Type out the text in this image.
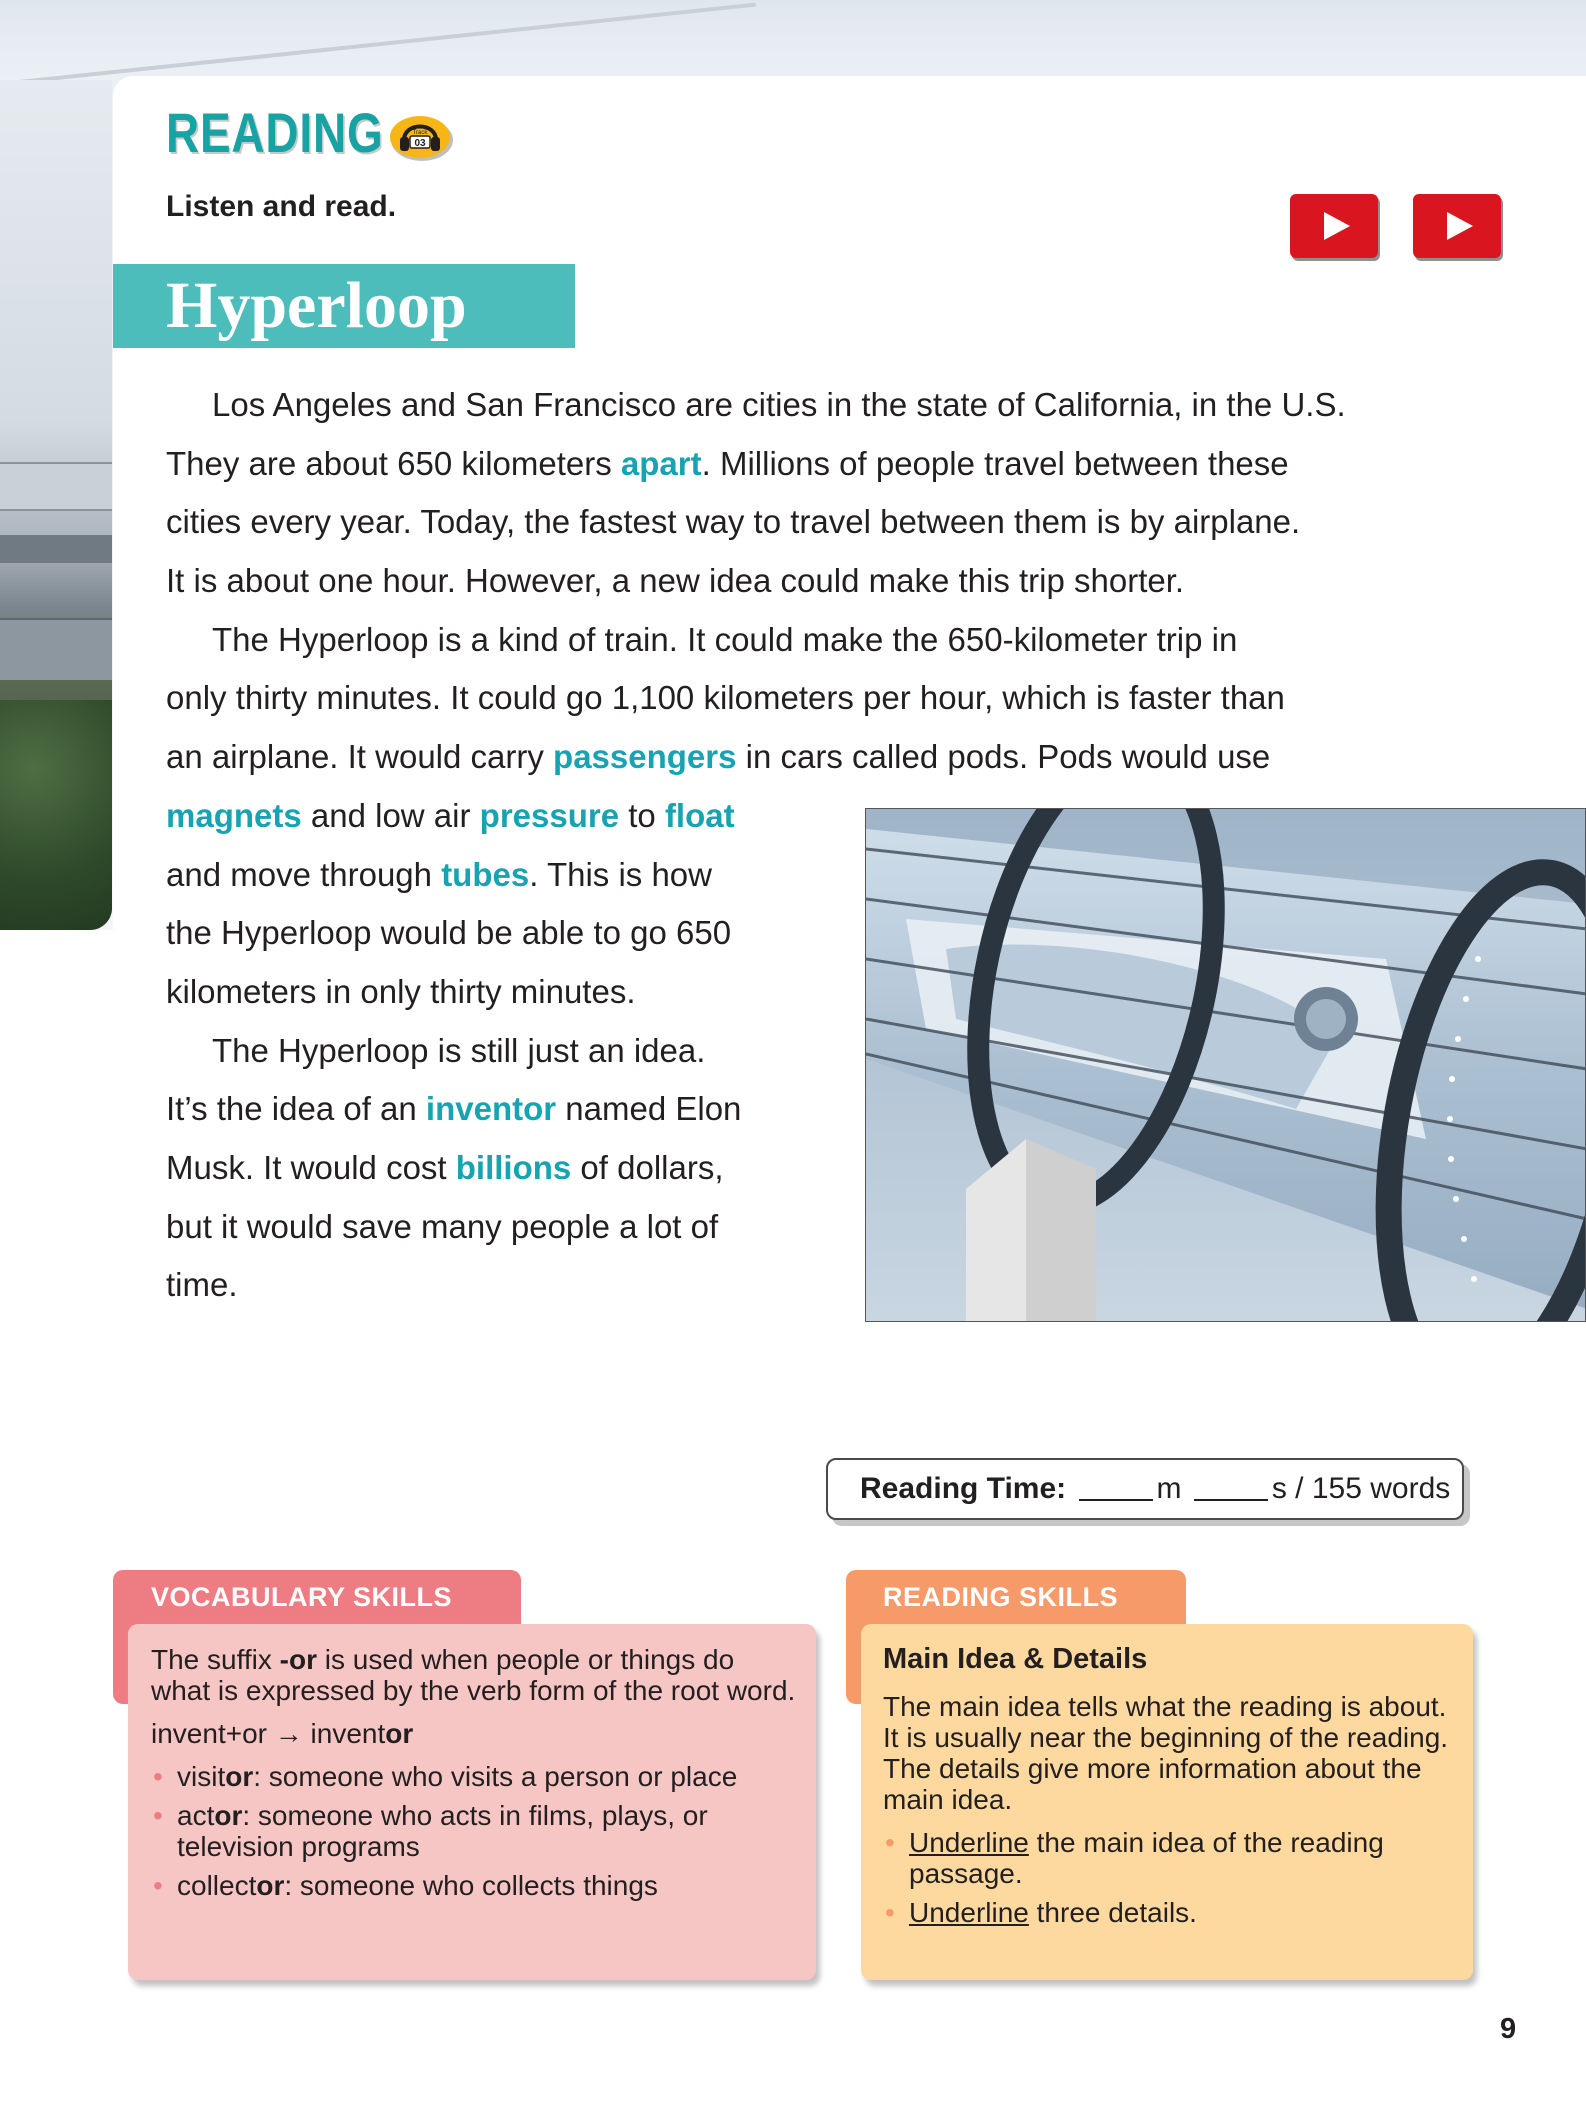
READING	Track
03
Listen and read.
Hyperloop
Los Angeles and San Francisco are cities in the state of California, in the U.S.
They are about 650 kilometers apart. Millions of people travel between these
cities every year. Today, the fastest way to travel between them is by airplane.
It is about one hour. However, a new idea could make this trip shorter.
The Hyperloop is a kind of train. It could make the 650-kilometer trip in
only thirty minutes. It could go 1,100 kilometers per hour, which is faster than
an airplane. It would carry passengers in cars called pods. Pods would use
magnets and low air pressure to float
and move through tubes. This is how
the Hyperloop would be able to go 650
kilometers in only thirty minutes.
The Hyperloop is still just an idea.
It’s the idea of an inventor named Elon
Musk. It would cost billions of dollars,
but it would save many people a lot of
time.
Reading Time:	m	s / 155 words
VOCABULARY SKILLS
The suffix -or is used when people or things do what is expressed by the verb form of the root word.
invent+or → inventor
• visitor: someone who visits a person or place
• actor: someone who acts in films, plays, or television programs
• collector: someone who collects things
READING SKILLS
Main Idea & Details
The main idea tells what the reading is about. It is usually near the beginning of the reading. The details give more information about the main idea.
• Underline the main idea of the reading passage.
• Underline three details.
9
